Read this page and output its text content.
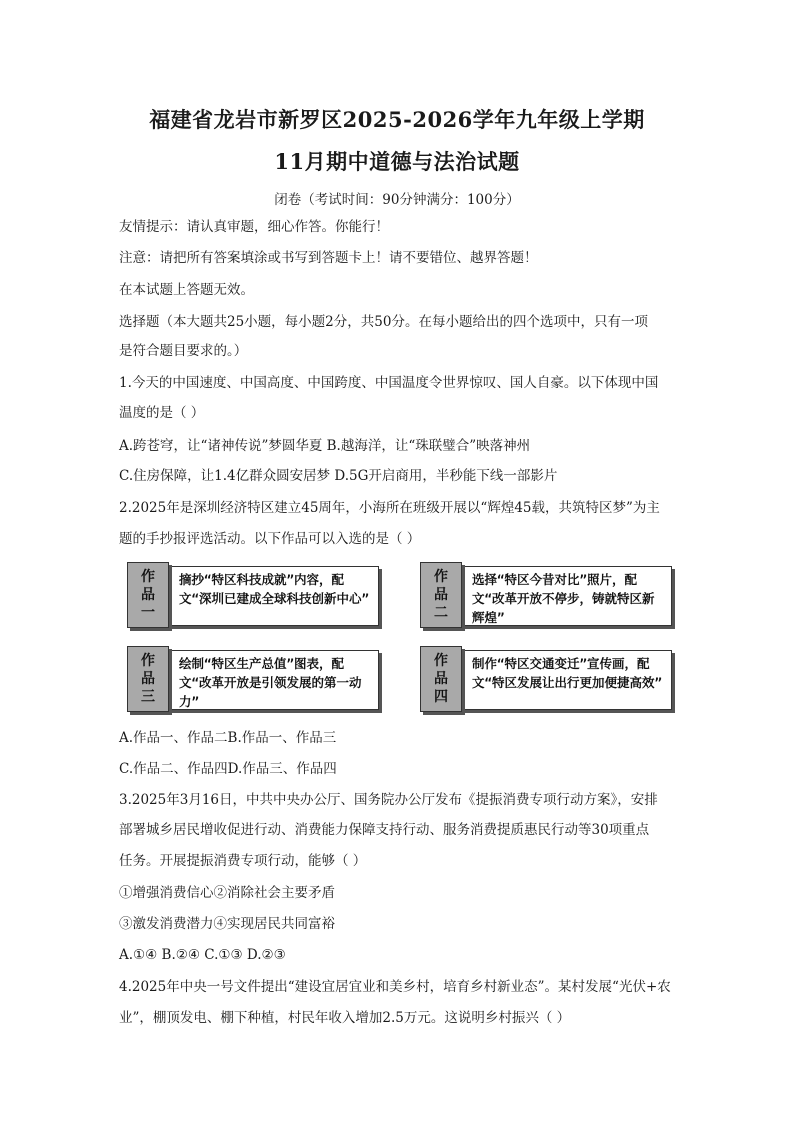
福建省龙岩市新罗区2025-2026学年九年级上学期
11月期中道德与法治试题
闭卷（考试时间：90分钟满分：100分）
友情提示：请认真审题，细心作答。你能行！
注意：请把所有答案填涂或书写到答题卡上！请不要错位、越界答题！
在本试题上答题无效。
选择题（本大题共25小题，每小题2分，共50分。在每小题给出的四个选项中，只有一项
是符合题目要求的。）
1.今天的中国速度、中国高度、中国跨度、中国温度令世界惊叹、国人自豪。以下体现中国
温度的是（ ）
A.跨苍穹，让“诸神传说”梦圆华夏 B.越海洋，让“珠联璧合”映落神州
C.住房保障，让1.4亿群众圆安居梦 D.5G开启商用，半秒能下线一部影片
2.2025年是深圳经济特区建立45周年，小海所在班级开展以“辉煌45载，共筑特区梦”为主
题的手抄报评选活动。以下作品可以入选的是（ ）
作
品
一
摘抄“特区科技成就”内容，配文“深圳已建成全球科技创新中心”
作
品
二
选择“特区今昔对比”照片，配文“改革开放不停步，铸就特区新辉煌”
作
品
三
绘制“特区生产总值”图表，配文“改革开放是引领发展的第一动力”
作
品
四
制作“特区交通变迁”宣传画，配文“特区发展让出行更加便捷高效”
A.作品一、作品二B.作品一、作品三
C.作品二、作品四D.作品三、作品四
3.2025年3月16日，中共中央办公厅、国务院办公厅发布《提振消费专项行动方案》，安排
部署城乡居民增收促进行动、消费能力保障支持行动、服务消费提质惠民行动等30项重点
任务。开展提振消费专项行动，能够（ ）
①增强消费信心②消除社会主要矛盾
③激发消费潜力④实现居民共同富裕
A.①④ B.②④ C.①③ D.②③
4.2025年中央一号文件提出“建设宜居宜业和美乡村，培育乡村新业态”。某村发展“光伏+农
业”，棚顶发电、棚下种植，村民年收入增加2.5万元。这说明乡村振兴（ ）
